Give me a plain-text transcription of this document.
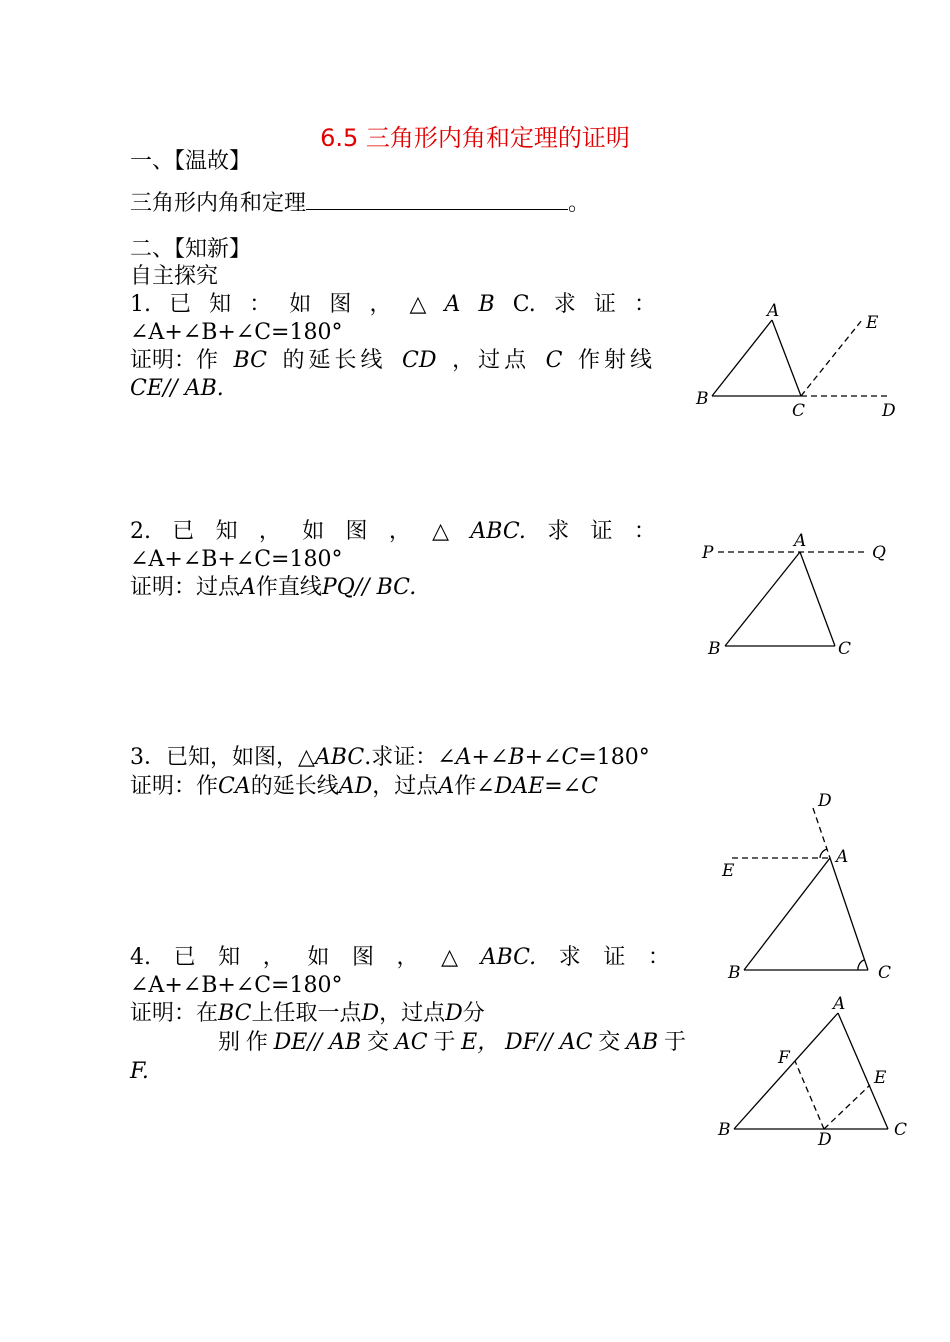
6.5 三角形内角和定理的证明
一、【温故】
三角形内角和定理	。
二、【知新】
自主探究
1. 已 知 ： 如 图 ， △ A B C. 求 证 ：
∠A+∠B+∠C=180°
证明：作 BC 的延长线 CD ，过点 C 作射线
CE// AB.
A
B
C	D
E
2. 已 知 ， 如 图 ， △ ABC. 求 证 ：
∠A+∠B+∠C=180°
证明：过点A作直线PQ// BC.
P
A
Q
B	C
3．已知，如图，△ABC.求证：∠A+∠B+∠C=180°
证明：作CA的延长线AD，过点A作∠DAE=∠C
D
E
A
B	C
4. 已 知 ， 如 图 ， △ ABC. 求 证 ：
∠A+∠B+∠C=180°
证明：在BC上任取一点D，过点D分
别 作 DE// AB 交 AC 于 E， DF// AC 交 AB 于
F.
A
F
E
B	D	C
